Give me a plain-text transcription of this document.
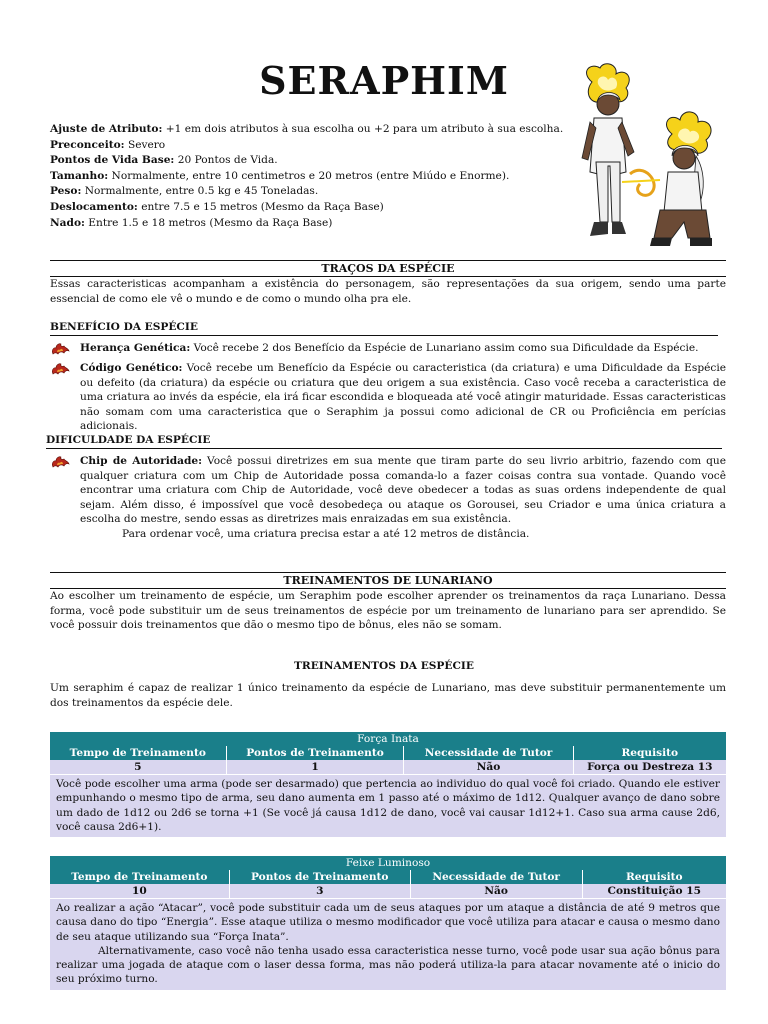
SERAPHIM
Ajuste de Atributo: +1 em dois atributos à sua escolha ou +2 para um atributo à sua escolha.
Preconceito: Severo
Pontos de Vida Base: 20 Pontos de Vida.
Tamanho: Normalmente, entre 10 centimetros e 20 metros (entre Miúdo e Enorme).
Peso: Normalmente, entre 0.5 kg e 45 Toneladas.
Deslocamento: entre 7.5 e 15 metros (Mesmo da Raça Base)
Nado: Entre 1.5 e 18 metros (Mesmo da Raça Base)
TRAÇOS DA ESPÉCIE

Essas caracteristicas acompanham a existência do personagem, são representações da sua origem, sendo uma parte essencial de como ele vê o mundo e de como o mundo olha pra ele.

BENEFÍCIO DA ESPÉCIE
Herança Genética: Você recebe 2 dos Benefício da Espécie de Lunariano assim como sua Dificuldade da Espécie.
Código Genético: Você recebe um Benefício da Espécie ou caracteristica (da criatura) e uma Dificuldade da Espécie ou defeito (da criatura) da espécie ou criatura que deu origem a sua existência. Caso você receba a caracteristica de uma criatura ao invés da espécie, ela irá ficar escondida e bloqueada até você atingir maturidade. Essas caracteristicas não somam com uma caracteristica que o Seraphim ja possui como adicional de CR ou Proficiência em perícias adicionais.
DIFICULDADE DA ESPÉCIE
Chip de Autoridade: Você possui diretrizes em sua mente que tiram parte do seu livrio arbitrio, fazendo com que qualquer criatura com um Chip de Autoridade possa comanda-lo a fazer coisas contra sua vontade. Quando você encontrar uma criatura com Chip de Autoridade, você deve obedecer a todas as suas ordens independente de qual sejam. Além disso, é impossível que você desobedeça ou ataque os Gorousei, seu Criador e uma única criatura a escolha do mestre, sendo essas as diretrizes mais enraizadas em sua existência.
Para ordenar você, uma criatura precisa estar a até 12 metros de distância.
TREINAMENTOS DE LUNARIANO

Ao escolher um treinamento de espécie, um Seraphim pode escolher aprender os treinamentos da raça Lunariano. Dessa forma, você pode substituir um de seus treinamentos de espécie por um treinamento de lunariano para ser aprendido. Se você possuir dois treinamentos que dão o mesmo tipo de bônus, eles não se somam.

TREINAMENTOS DA ESPÉCIE

Um seraphim é capaz de realizar 1 único treinamento da espécie de Lunariano, mas deve substituir permanentemente um dos treinamentos da espécie dele.

Força Inata			
Tempo de Treinamento	Pontos de Treinamento	Necessidade de Tutor	Requisito
5	1	Não	Força ou Destreza 13
Você pode escolher uma arma (pode ser desarmado) que pertencia ao individuo do qual você foi criado. Quando ele estiver empunhando o mesmo tipo de arma, seu dano aumenta em 1 passo até o máximo de 1d12. Qualquer avanço de dano sobre um dado de 1d12 ou 2d6 se torna +1 (Se você já causa 1d12 de dano, você vai causar 1d12+1. Caso sua arma cause 2d6, você causa 2d6+1).			
Feixe Luminoso			
Tempo de Treinamento	Pontos de Treinamento	Necessidade de Tutor	Requisito
10	3	Não	Constituição 15
Ao realizar a ação “Atacar”, você pode substituir cada um de seus ataques por um ataque a distância de até 9 metros que causa dano do tipo “Energia”. Esse ataque utiliza o mesmo modificador que você utiliza para atacar e causa o mesmo dano de seu ataque utilizando sua “Força Inata”.
Alternativamente, caso você não tenha usado essa caracteristica nesse turno, você pode usar sua ação bônus para realizar uma jogada de ataque com o laser dessa forma, mas não poderá utiliza-la para atacar novamente até o inicio do seu próximo turno.			
